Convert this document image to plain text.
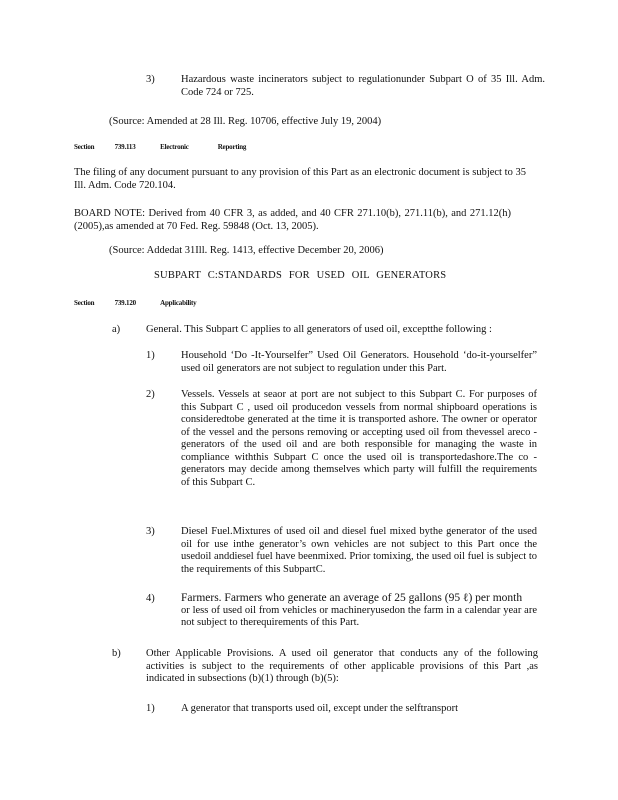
3)	Hazardous waste incinerators subject to regulationunder Subpart O of 35 Ill. Adm. Code 724 or 725.
(Source: Amended at 28 Ill. Reg. 10706, effective July 19, 2004)
Section	739.113	Electronic	Reporting
The filing of any document pursuant to any provision of this Part as an electronic document is subject to 35 Ill. Adm. Code 720.104.
BOARD NOTE: Derived from 40 CFR 3, as added, and 40 CFR 271.10(b), 271.11(b), and 271.12(h) (2005),as amended at 70 Fed. Reg. 59848 (Oct. 13, 2005).
(Source: Addedat 31Ill. Reg. 1413, effective December 20, 2006)
SUBPART C:STANDARDS FOR USED OIL GENERATORS
Section	739.120	Applicability
a) General. This Subpart C applies to all generators of used oil, exceptthe following :
1)	Household ‘Do -It-Yourselfer” Used Oil Generators. Household ‘do-it-yourselfer” used oil generators are not subject to regulation under this Part.
2)	Vessels. Vessels at seaor at port are not subject to this Subpart C. For purposes of this Subpart C , used oil producedon vessels from normal shipboard operations is consideredtobe generated at the time it is transported ashore. The owner or operator of the vessel and the persons removing or accepting used oil from thevessel areco - generators of the used oil and are both responsible for managing the waste in compliance withthis Subpart C once the used oil is transportedashore.The co - generators may decide among themselves which party will fulfill the requirements of this Subpart C.
3)	Diesel Fuel.Mixtures of used oil and diesel fuel mixed bythe generator of the used oil for use inthe generator’s own vehicles are not subject to this Part once the usedoil anddiesel fuel have beenmixed. Prior tomixing, the used oil fuel is subject to the requirements of this SubpartC.
4) Farmers. Farmers who generate an average of 25 gallons (95 ℓ) per month
or less of used oil from vehicles or machineryusedon the farm in a calendar year are not subject to therequirements of this Part.
b) Other Applicable Provisions. A used oil generator that conducts any of the following activities is subject to the requirements of other applicable provisions of this Part ,as indicated in subsections (b)(1) through (b)(5):
1)	A generator that transports used oil, except under the selftransport
